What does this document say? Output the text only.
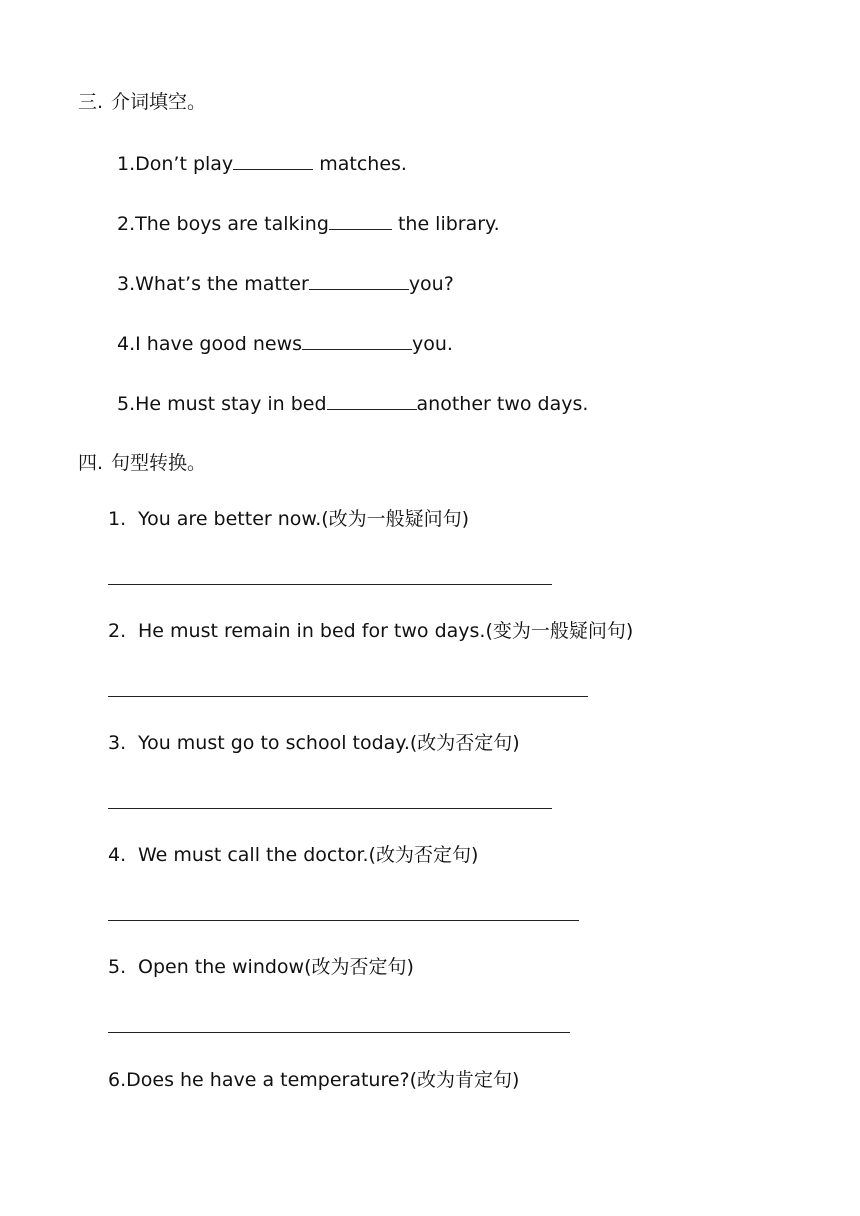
三. 介词填空。
1.Don’t play	matches.
2.The boys are talking	the library.
3.What’s the matter	you?
4.I have good news	you.
5.He must stay in bed	another two days.
四. 句型转换。
1. You are better now.(改为一般疑问句)
2. He must remain in bed for two days.(变为一般疑问句)
3. You must go to school today.(改为否定句)
4. We must call the doctor.(改为否定句)
5. Open the window(改为否定句)
6.Does he have a temperature?(改为肯定句)
